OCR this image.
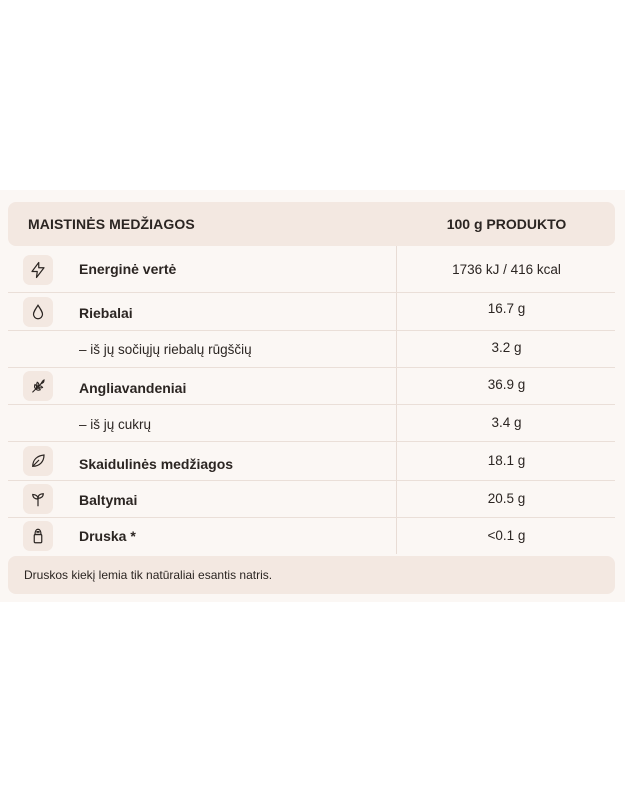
MAISTINĖS MEDŽIAGOS	100 g PRODUKTO
Energinė vertė	1736 kJ / 416 kcal
Riebalai	16.7 g
– iš jų sočiųjų riebalų rūgščių	3.2 g
Angliavandeniai	36.9 g
– iš jų cukrų	3.4 g
Skaidulinės medžiagos	18.1 g
Baltymai	20.5 g
Druska *	<0.1 g
Druskos kiekį lemia tik natūraliai esantis natris.
